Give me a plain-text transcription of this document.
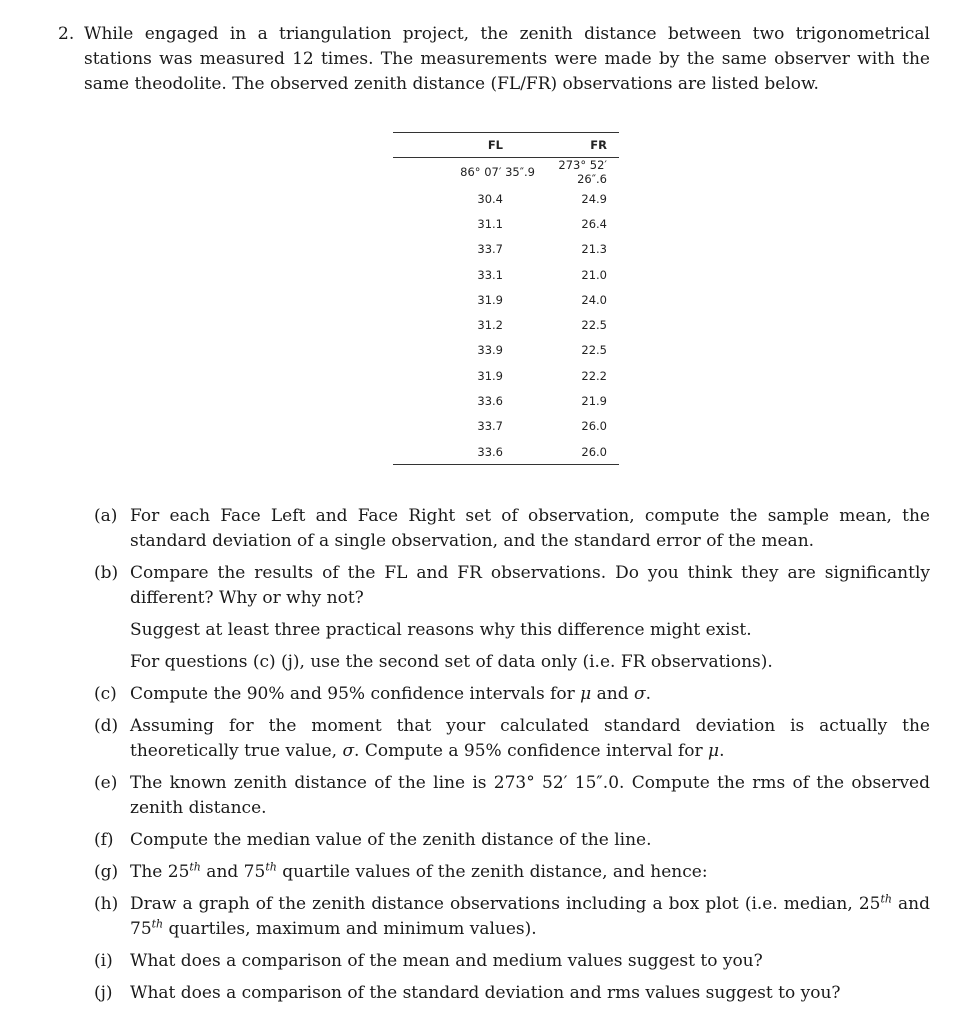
2. While engaged in a triangulation project, the zenith distance between two trigonometrical stations was measured 12 times. The measurements were made by the same observer with the same theodolite. The observed zenith distance (FL/FR) observations are listed below.
FL	FR
86° 07′ 35″.9	273° 52′ 26″.6
30.4	24.9
31.1	26.4
33.7	21.3
33.1	21.0
31.9	24.0
31.2	22.5
33.9	22.5
31.9	22.2
33.6	21.9
33.7	26.0
33.6	26.0
(a) For each Face Left and Face Right set of observation, compute the sample mean, the standard deviation of a single observation, and the standard error of the mean.
(b) Compare the results of the FL and FR observations. Do you think they are significantly different? Why or why not?
Suggest at least three practical reasons why this difference might exist.
For questions (c) (j), use the second set of data only (i.e. FR observations).
(c) Compute the 90% and 95% confidence intervals for μ and σ.
(d) Assuming for the moment that your calculated standard deviation is actually the theoretically true value, σ. Compute a 95% confidence interval for μ.
(e) The known zenith distance of the line is 273° 52′ 15″.0. Compute the rms of the observed zenith distance.
(f) Compute the median value of the zenith distance of the line.
(g) The 25th and 75th quartile values of the zenith distance, and hence:
(h) Draw a graph of the zenith distance observations including a box plot (i.e. median, 25th and 75th quartiles, maximum and minimum values).
(i) What does a comparison of the mean and medium values suggest to you?
(j) What does a comparison of the standard deviation and rms values suggest to you?
